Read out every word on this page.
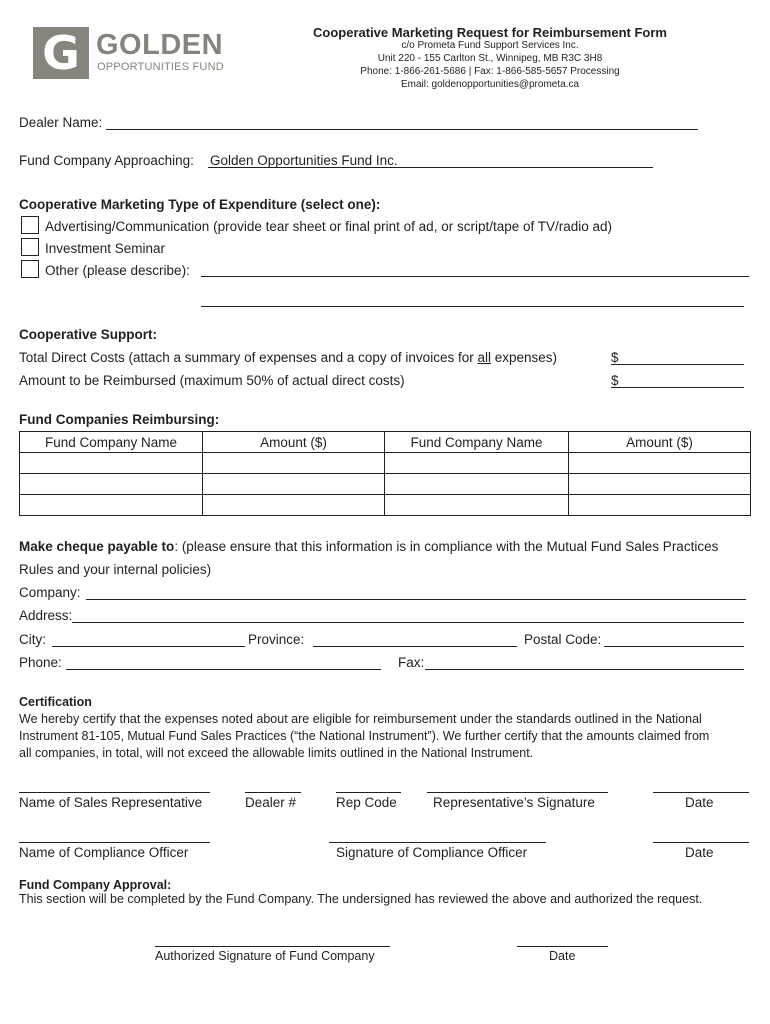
G GOLDEN
OPPORTUNITIES FUND
Cooperative Marketing Request for Reimbursement Form
c/o Prometa Fund Support Services Inc.
Unit 220 - 155 Carlton St., Winnipeg, MB R3C 3H8
Phone: 1-866-261-5686 | Fax: 1-866-585-5657 Processing
Email: goldenopportunities@prometa.ca
Dealer Name:
Fund Company Approaching: Golden Opportunities Fund Inc.
Cooperative Marketing Type of Expenditure (select one):
Advertising/Communication (provide tear sheet or final print of ad, or script/tape of TV/radio ad)
Investment Seminar
Other (please describe):
Cooperative Support:
Total Direct Costs (attach a summary of expenses and a copy of invoices for all expenses)	$
Amount to be Reimbursed (maximum 50% of actual direct costs)	$
Fund Companies Reimbursing:
Fund Company Name	Amount ($)	Fund Company Name	Amount ($)

Make cheque payable to: (please ensure that this information is in compliance with the Mutual Fund Sales Practices
Rules and your internal policies)
Company:
Address:
City:	Province:	Postal Code:
Phone:	Fax:
Certification
We hereby certify that the expenses noted about are eligible for reimbursement under the standards outlined in the National
Instrument 81-105, Mutual Fund Sales Practices (“the National Instrument”). We further certify that the amounts claimed from
all companies, in total, will not exceed the allowable limits outlined in the National Instrument.
Name of Sales Representative	Dealer #	Rep Code	Representative’s Signature	Date
Name of Compliance Officer	Signature of Compliance Officer	Date
Fund Company Approval:
This section will be completed by the Fund Company. The undersigned has reviewed the above and authorized the request.
Authorized Signature of Fund Company	Date
